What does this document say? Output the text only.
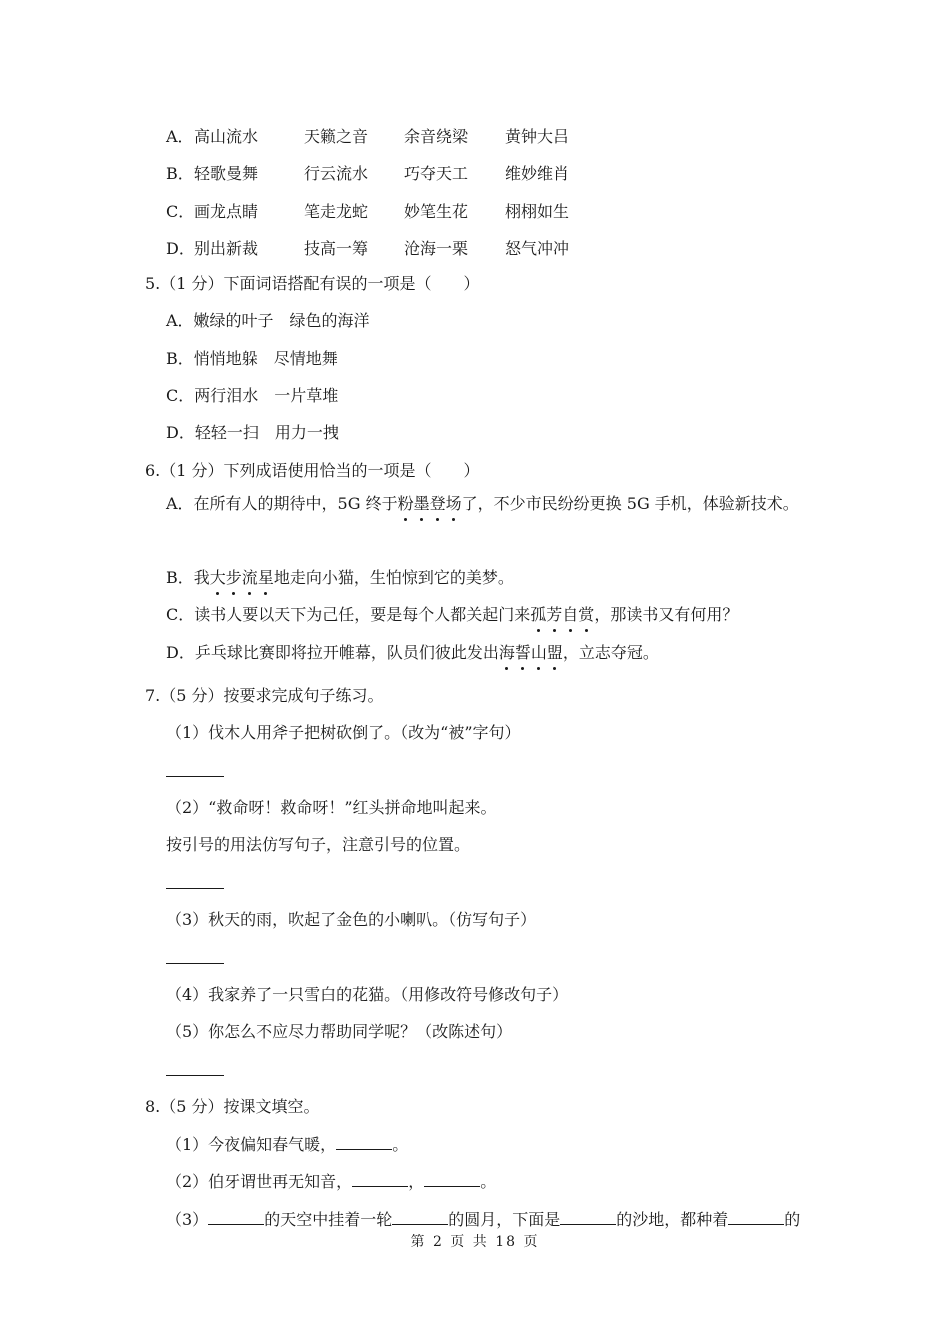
A． 高山流水	天籁之音 余音绕梁 黄钟大吕
B． 轻歌曼舞	行云流水 巧夺天工 维妙维肖
C． 画龙点睛	笔走龙蛇 妙笔生花 栩栩如生
D． 别出新裁	技高一筹 沧海一栗 怒气冲冲
5.（1 分）下面词语搭配有误的一项是（　　）
A．嫩绿的叶子　绿色的海洋
B．悄悄地躲　尽情地舞
C．两行泪水　一片草堆
D．轻轻一扫　用力一拽
6.（1 分）下列成语使用恰当的一项是（　　）
A．在所有人的期待中，5G 终于粉墨登场了，不少市民纷纷更换 5G 手机，体验新技术。
B．我大步流星地走向小猫，生怕惊到它的美梦。
C．读书人要以天下为己任，要是每个人都关起门来孤芳自赏，那读书又有何用？
D．乒乓球比赛即将拉开帷幕，队员们彼此发出海誓山盟，立志夺冠。
7.（5 分）按要求完成句子练习。
（1）伐木人用斧子把树砍倒了。（改为“被”字句）
（2）“救命呀！救命呀！”红头拼命地叫起来。
按引号的用法仿写句子，注意引号的位置。
（3）秋天的雨，吹起了金色的小喇叭。（仿写句子）
（4）我家养了一只雪白的花猫。（用修改符号修改句子）
（5）你怎么不应尽力帮助同学呢？（改陈述句）
8.（5 分）按课文填空。
（1）今夜偏知春气暖，	。
（2）伯牙谓世再无知音，	，	。
（3）	的天空中挂着一轮	的圆月，下面是	的沙地，都种着	的
第 2 页 共 18 页
